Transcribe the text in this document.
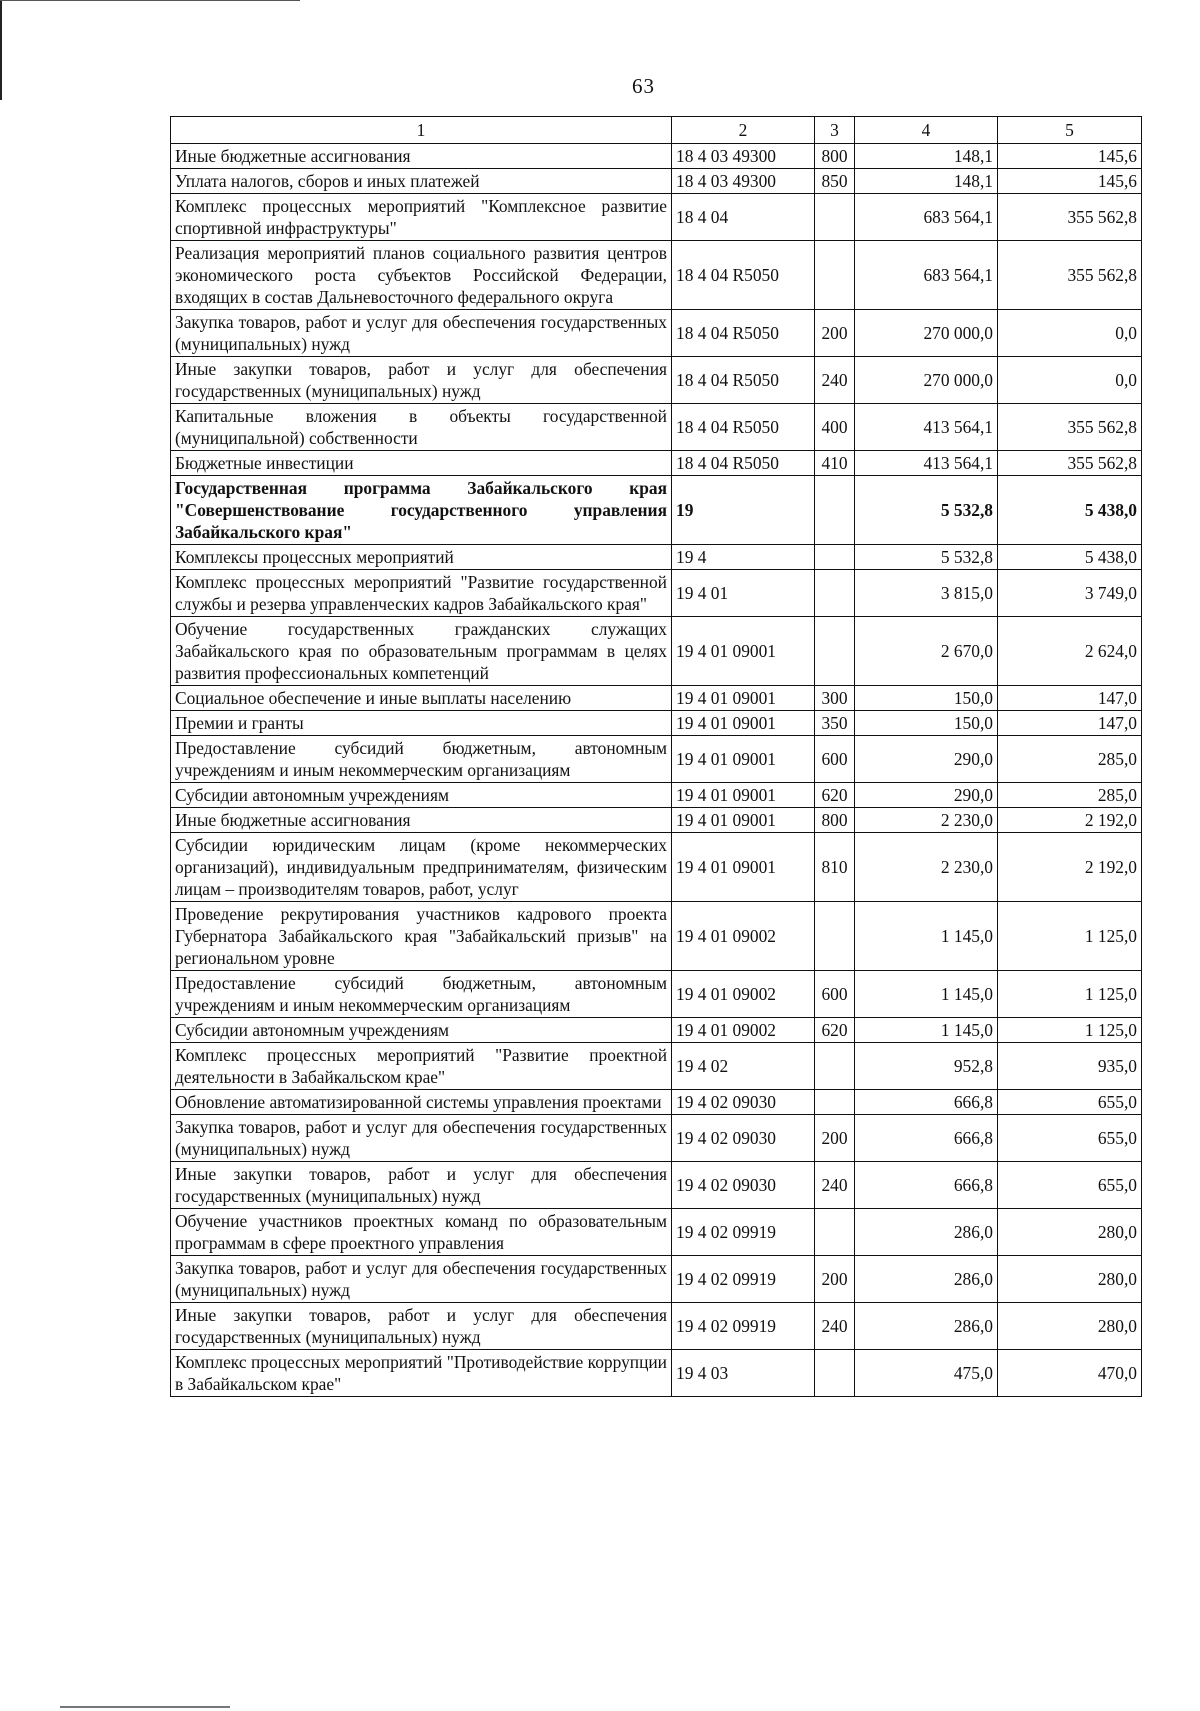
63
1	2	3	4	5
Иные бюджетные ассигнования	18 4 03 49300	800	148,1	145,6
Уплата налогов, сборов и иных платежей	18 4 03 49300	850	148,1	145,6
Комплекс процессных мероприятий "Комплексное развитие спортивной инфраструктуры"	18 4 04		683 564,1	355 562,8
Реализация мероприятий планов социального развития центров экономического роста субъектов Российской Федерации, входящих в состав Дальневосточного федерального округа	18 4 04 R5050		683 564,1	355 562,8
Закупка товаров, работ и услуг для обеспечения государственных (муниципальных) нужд	18 4 04 R5050	200	270 000,0	0,0
Иные закупки товаров, работ и услуг для обеспечения государственных (муниципальных) нужд	18 4 04 R5050	240	270 000,0	0,0
Капитальные вложения в объекты государственной (муниципальной) собственности	18 4 04 R5050	400	413 564,1	355 562,8
Бюджетные инвестиции	18 4 04 R5050	410	413 564,1	355 562,8
Государственная программа Забайкальского края "Совершенствование государственного управления Забайкальского края"	19		5 532,8	5 438,0
Комплексы процессных мероприятий	19 4		5 532,8	5 438,0
Комплекс процессных мероприятий "Развитие государственной службы и резерва управленческих кадров Забайкальского края"	19 4 01		3 815,0	3 749,0
Обучение государственных гражданских служащих Забайкальского края по образовательным программам в целях развития профессиональных компетенций	19 4 01 09001		2 670,0	2 624,0
Социальное обеспечение и иные выплаты населению	19 4 01 09001	300	150,0	147,0
Премии и гранты	19 4 01 09001	350	150,0	147,0
Предоставление субсидий бюджетным, автономным учреждениям и иным некоммерческим организациям	19 4 01 09001	600	290,0	285,0
Субсидии автономным учреждениям	19 4 01 09001	620	290,0	285,0
Иные бюджетные ассигнования	19 4 01 09001	800	2 230,0	2 192,0
Субсидии юридическим лицам (кроме некоммерческих организаций), индивидуальным предпринимателям, физическим лицам – производителям товаров, работ, услуг	19 4 01 09001	810	2 230,0	2 192,0
Проведение рекрутирования участников кадрового проекта Губернатора Забайкальского края "Забайкальский призыв" на региональном уровне	19 4 01 09002		1 145,0	1 125,0
Предоставление субсидий бюджетным, автономным учреждениям и иным некоммерческим организациям	19 4 01 09002	600	1 145,0	1 125,0
Субсидии автономным учреждениям	19 4 01 09002	620	1 145,0	1 125,0
Комплекс процессных мероприятий "Развитие проектной деятельности в Забайкальском крае"	19 4 02		952,8	935,0
Обновление автоматизированной системы управления проектами	19 4 02 09030		666,8	655,0
Закупка товаров, работ и услуг для обеспечения государственных (муниципальных) нужд	19 4 02 09030	200	666,8	655,0
Иные закупки товаров, работ и услуг для обеспечения государственных (муниципальных) нужд	19 4 02 09030	240	666,8	655,0
Обучение участников проектных команд по образовательным программам в сфере проектного управления	19 4 02 09919		286,0	280,0
Закупка товаров, работ и услуг для обеспечения государственных (муниципальных) нужд	19 4 02 09919	200	286,0	280,0
Иные закупки товаров, работ и услуг для обеспечения государственных (муниципальных) нужд	19 4 02 09919	240	286,0	280,0
Комплекс процессных мероприятий "Противодействие коррупции в Забайкальском крае"	19 4 03		475,0	470,0
